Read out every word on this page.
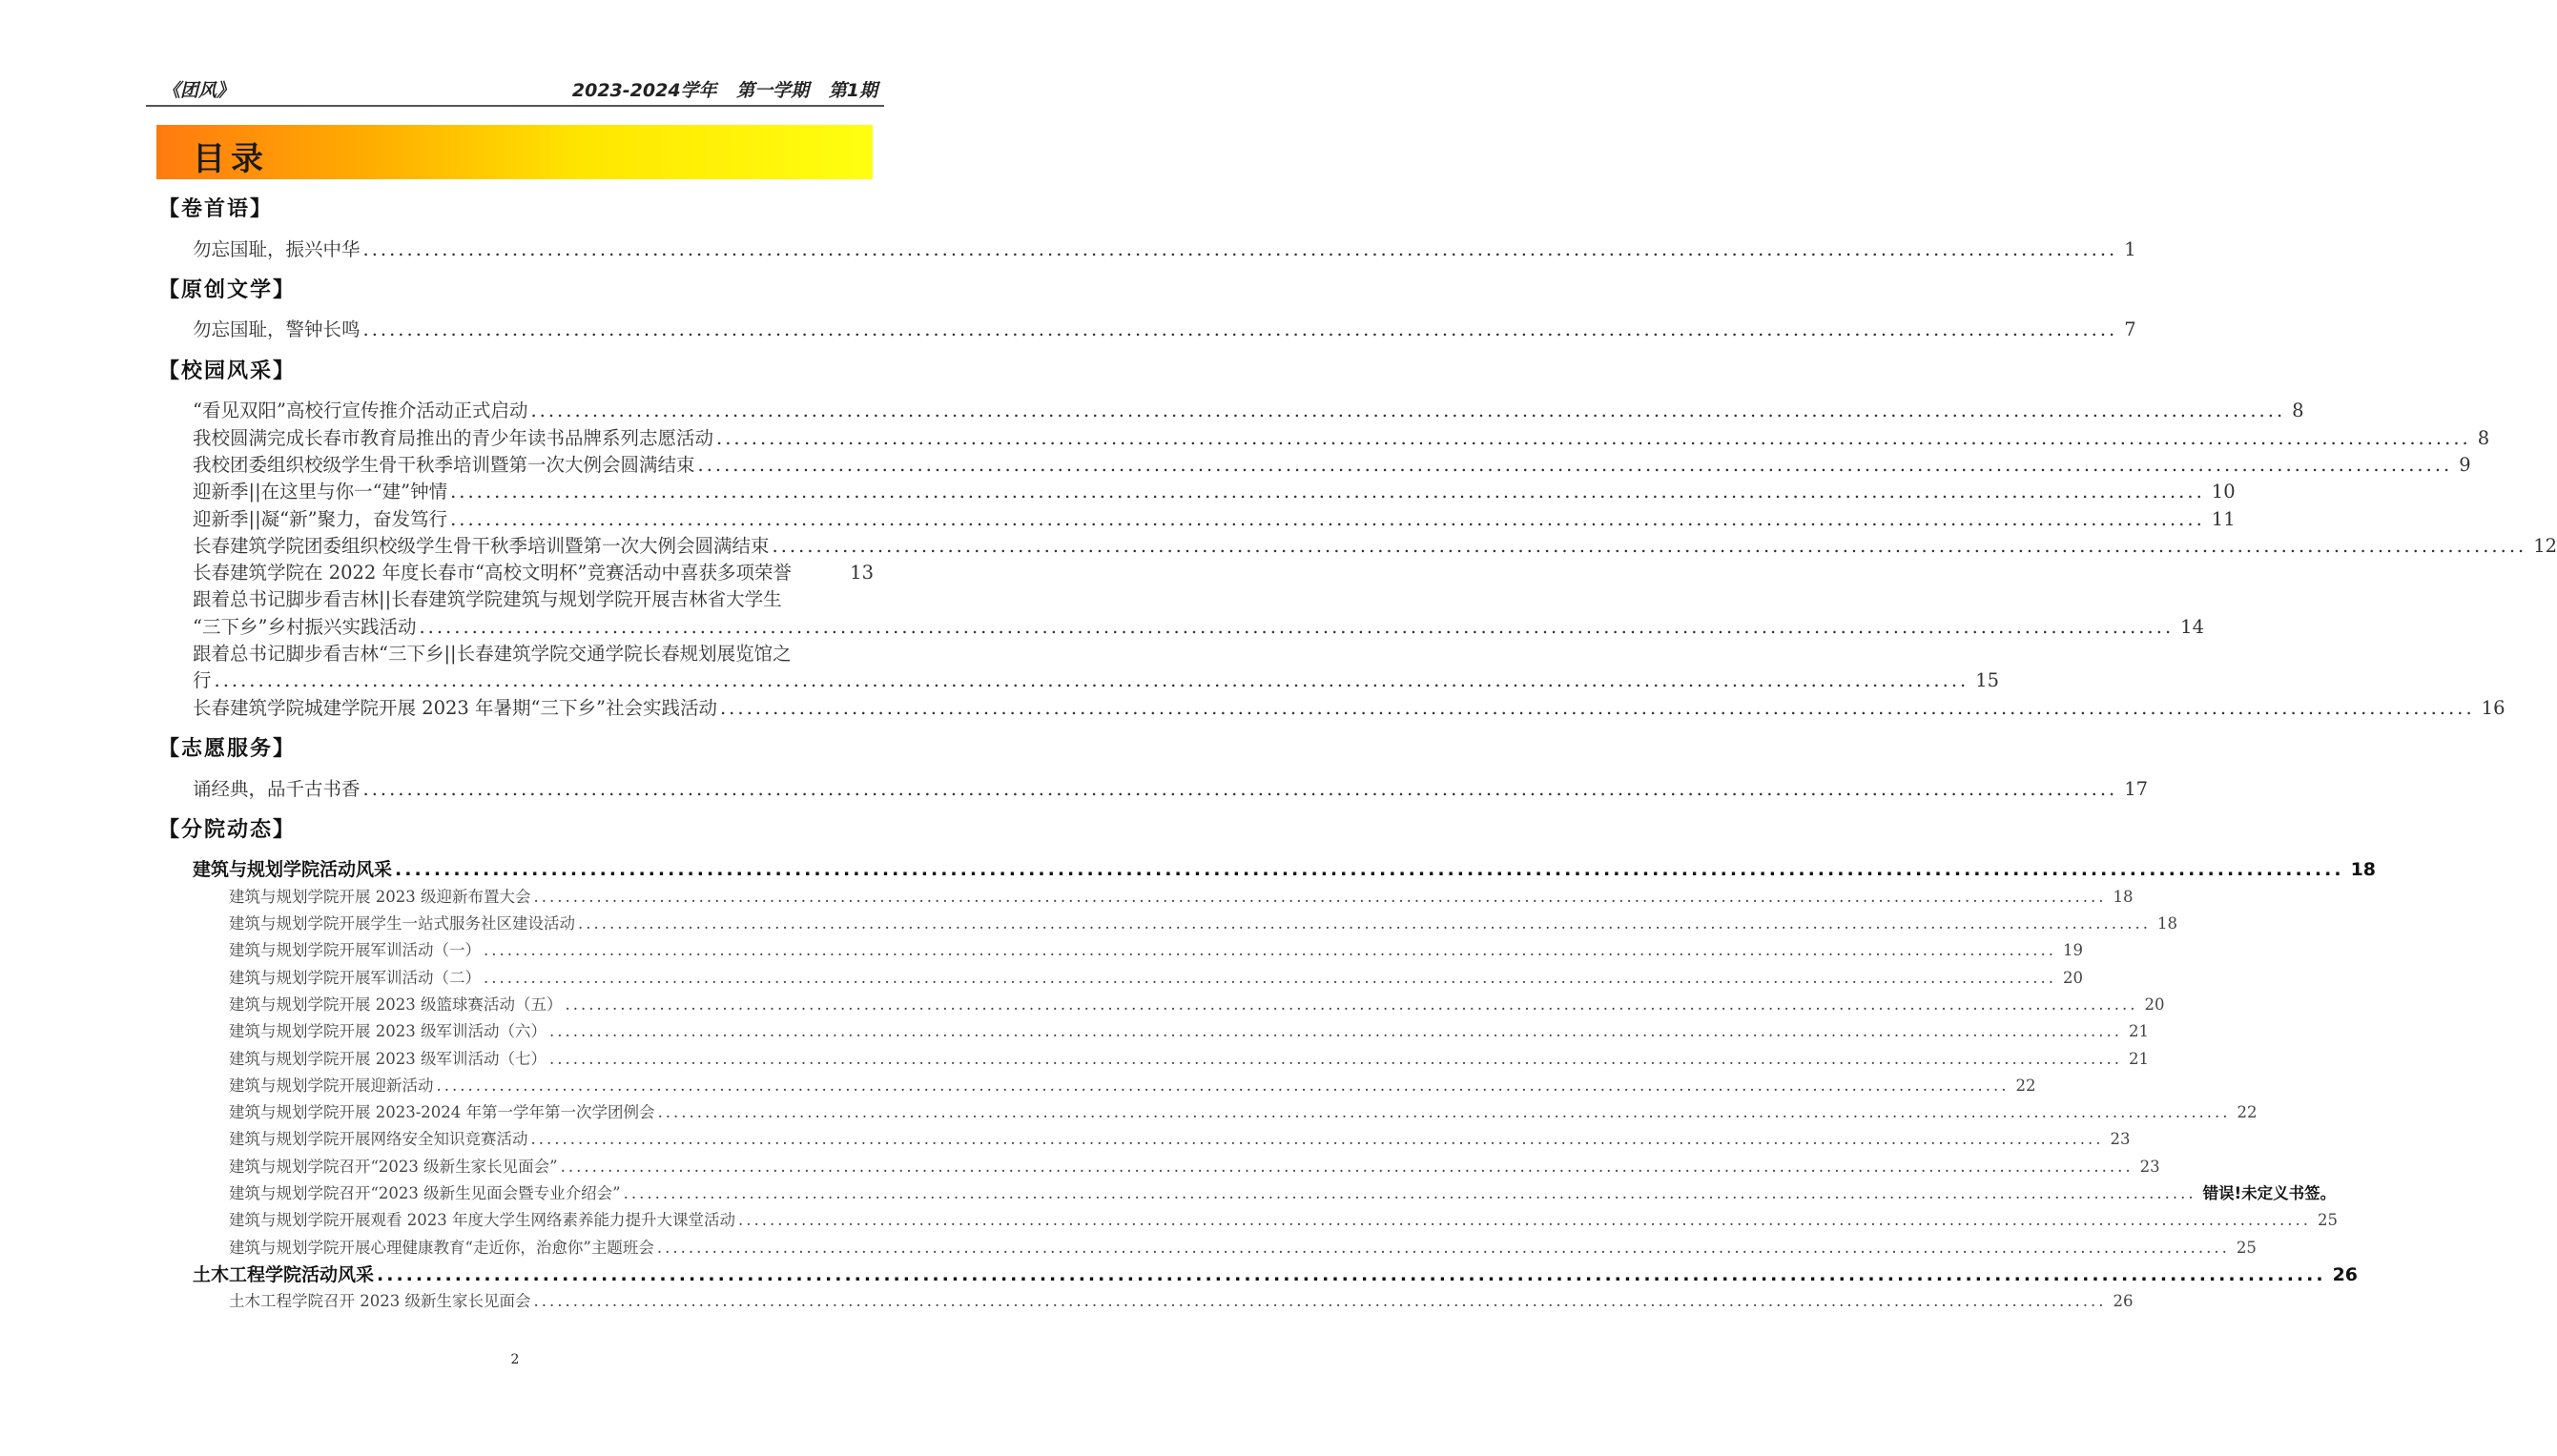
《团风》	2023-2024学年 第一学期 第1期
目录
【卷首语】
勿忘国耻，振兴中华 ........................................................................................................................................................................................................ 1
【原创文学】
勿忘国耻，警钟长鸣 ........................................................................................................................................................................................................ 7
【校园风采】
“看见双阳”高校行宣传推介活动正式启动 ........................................................................................................................................................................................................ 8
我校圆满完成长春市教育局推出的青少年读书品牌系列志愿活动 ........................................................................................................................................................................................................ 8
我校团委组织校级学生骨干秋季培训暨第一次大例会圆满结束 ........................................................................................................................................................................................................ 9
迎新季||在这里与你一“建”钟情 ........................................................................................................................................................................................................ 10
迎新季||凝“新”聚力，奋发笃行 ........................................................................................................................................................................................................ 11
长春建筑学院团委组织校级学生骨干秋季培训暨第一次大例会圆满结束 ........................................................................................................................................................................................................ 12
长春建筑学院在 2022 年度长春市“高校文明杯”竞赛活动中喜获多项荣誉	13
跟着总书记脚步看吉林||长春建筑学院建筑与规划学院开展吉林省大学生
“三下乡”乡村振兴实践活动 ........................................................................................................................................................................................................ 14
跟着总书记脚步看吉林“三下乡||长春建筑学院交通学院长春规划展览馆之
行 ........................................................................................................................................................................................................ 15
长春建筑学院城建学院开展 2023 年暑期“三下乡”社会实践活动 ........................................................................................................................................................................................................ 16
【志愿服务】
诵经典，品千古书香 ........................................................................................................................................................................................................ 17
【分院动态】
建筑与规划学院活动风采 ........................................................................................................................................................................................................ 18
建筑与规划学院开展 2023 级迎新布置大会 ........................................................................................................................................................................................................ 18
建筑与规划学院开展学生一站式服务社区建设活动 ........................................................................................................................................................................................................ 18
建筑与规划学院开展军训活动（一） ........................................................................................................................................................................................................ 19
建筑与规划学院开展军训活动（二） ........................................................................................................................................................................................................ 20
建筑与规划学院开展 2023 级篮球赛活动（五） ........................................................................................................................................................................................................ 20
建筑与规划学院开展 2023 级军训活动（六） ........................................................................................................................................................................................................ 21
建筑与规划学院开展 2023 级军训活动（七） ........................................................................................................................................................................................................ 21
建筑与规划学院开展迎新活动 ........................................................................................................................................................................................................ 22
建筑与规划学院开展 2023-2024 年第一学年第一次学团例会 ........................................................................................................................................................................................................ 22
建筑与规划学院开展网络安全知识竞赛活动 ........................................................................................................................................................................................................ 23
建筑与规划学院召开“2023 级新生家长见面会” ........................................................................................................................................................................................................ 23
建筑与规划学院召开“2023 级新生见面会暨专业介绍会” ........................................................................................................................................................................................................ 错误!未定义书签。
建筑与规划学院开展观看 2023 年度大学生网络素养能力提升大课堂活动 ........................................................................................................................................................................................................ 25
建筑与规划学院开展心理健康教育“走近你，治愈你”主题班会 ........................................................................................................................................................................................................ 25
土木工程学院活动风采 ........................................................................................................................................................................................................ 26
土木工程学院召开 2023 级新生家长见面会 ........................................................................................................................................................................................................ 26
2
